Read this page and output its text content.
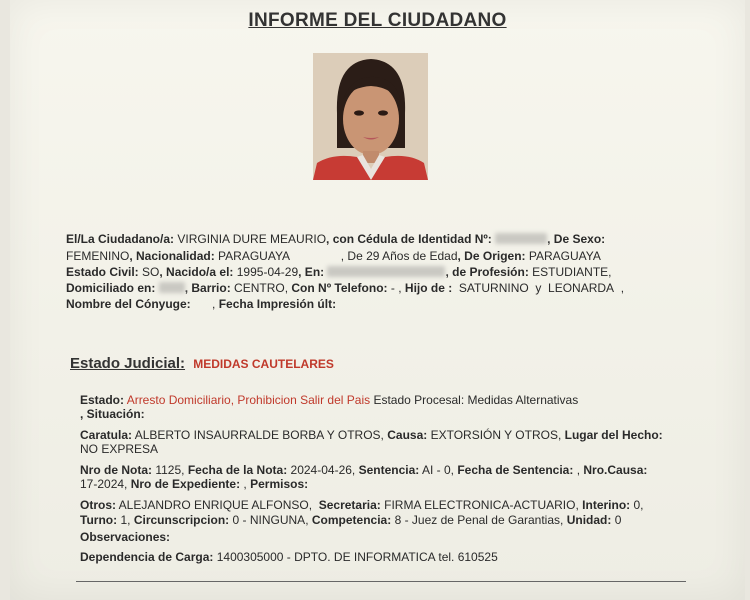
INFORME DEL CIUDADANO
El/La Ciudadano/a: VIRGINIA DURE MEAURIO, con Cédula de Identidad Nº:	, De Sexo:
FEMENINO, Nacionalidad: PARAGUAYA	, De 29 Años de Edad, De Origen: PARAGUAYA
Estado Civil: SO, Nacido/a el: 1995-04-29, En:	, de Profesión: ESTUDIANTE,
Domiciliado en: , Barrio: CENTRO, Con Nº Telefono: - , Hijo de : SATURNINO y LEONARDA ,
Nombre del Cónyuge: , Fecha Impresión últ:
Estado Judicial: MEDIDAS CAUTELARES
Estado: Arresto Domiciliario, Prohibicion Salir del Pais Estado Procesal: Medidas Alternativas
, Situación:
Caratula: ALBERTO INSAURRALDE BORBA Y OTROS, Causa: EXTORSIÓN Y OTROS, Lugar del Hecho:
NO EXPRESA
Nro de Nota: 1125, Fecha de la Nota: 2024-04-26, Sentencia: AI - 0, Fecha de Sentencia: , Nro.Causa:
17-2024, Nro de Expediente: , Permisos:
Otros: ALEJANDRO ENRIQUE ALFONSO, Secretaria: FIRMA ELECTRONICA-ACTUARIO, Interino: 0,
Turno: 1, Circunscripcion: 0 - NINGUNA, Competencia: 8 - Juez de Penal de Garantias, Unidad: 0
Observaciones:
Dependencia de Carga: 1400305000 - DPTO. DE INFORMATICA tel. 610525
